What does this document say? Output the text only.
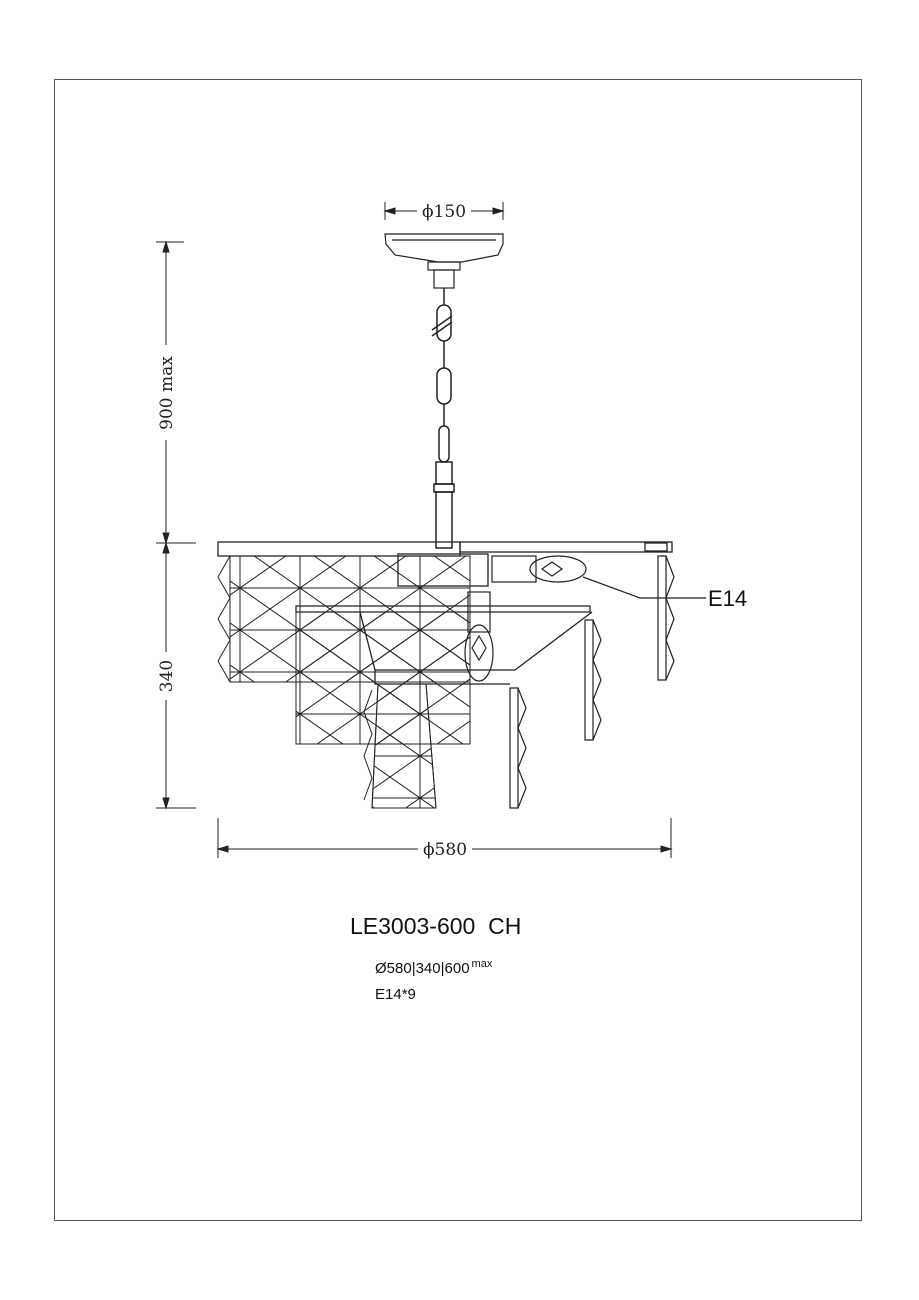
E14
ϕ150
900 max
340
ϕ580
LE3003-600  CH
Ø580|340|600 $^{max}$
E14*9
